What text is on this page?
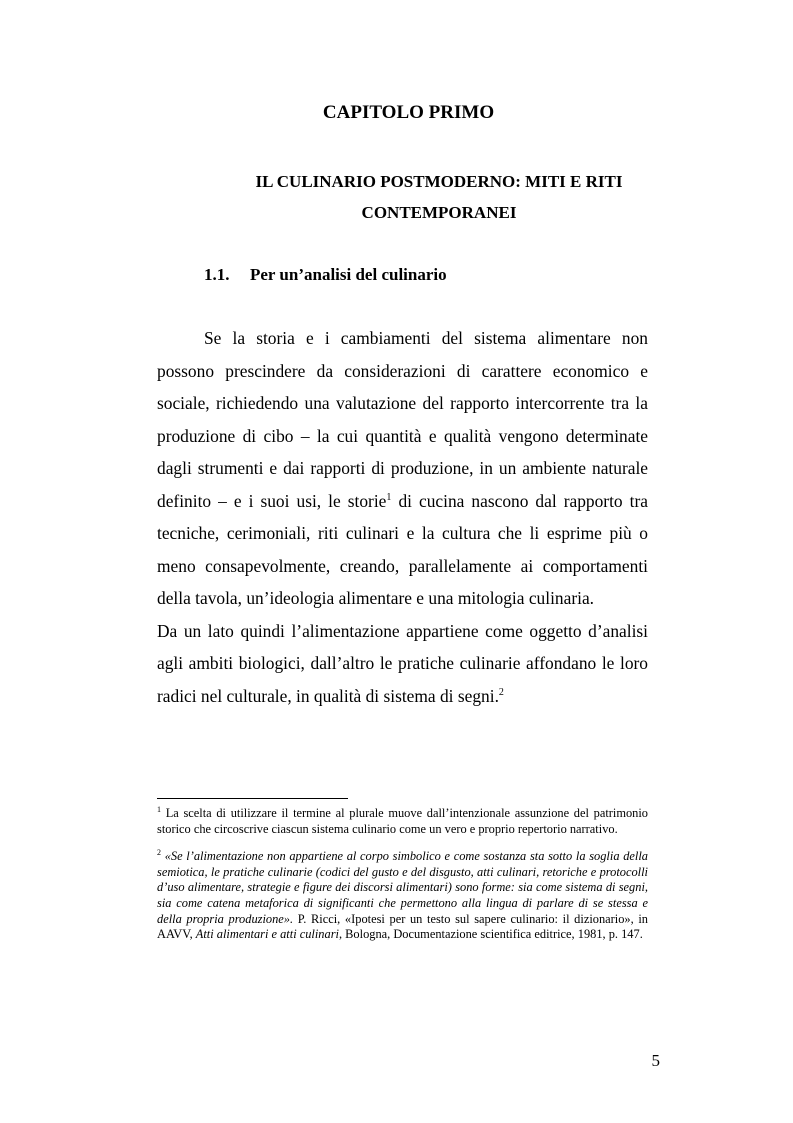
CAPITOLO PRIMO
IL CULINARIO POSTMODERNO: MITI E RITI
CONTEMPORANEI
1.1. Per un’analisi del culinario

Se la storia e i cambiamenti del sistema alimentare non possono prescindere da considerazioni di carattere economico e sociale, richiedendo una valutazione del rapporto intercorrente tra la produzione di cibo – la cui quantità e qualità vengono determinate dagli strumenti e dai rapporti di produzione, in un ambiente naturale definito – e i suoi usi, le storie$^1$ di cucina nascono dal rapporto tra tecniche, cerimoniali, riti culinari e la cultura che li esprime più o meno consapevolmente, creando, parallelamente ai comportamenti della tavola, un’ideologia alimentare e una mitologia culinaria.

Da un lato quindi l’alimentazione appartiene come oggetto d’analisi agli ambiti biologici, dall’altro le pratiche culinarie affondano le loro radici nel culturale, in qualità di sistema di segni.$^2$

$^1$ La scelta di utilizzare il termine al plurale muove dall’intenzionale assunzione del patrimonio storico che circoscrive ciascun sistema culinario come un vero e proprio repertorio narrativo.

$^2$ «Se l’alimentazione non appartiene al corpo simbolico e come sostanza sta sotto la soglia della semiotica, le pratiche culinarie (codici del gusto e del disgusto, atti culinari, retoriche e protocolli d’uso alimentare, strategie e figure dei discorsi alimentari) sono forme: sia come sistema di segni, sia come catena metaforica di significanti che permettono alla lingua di parlare di se stessa e della propria produzione». P. Ricci, «Ipotesi per un testo sul sapere culinario: il dizionario», in AAVV, Atti alimentari e atti culinari, Bologna, Documentazione scientifica editrice, 1981, p. 147.

5
